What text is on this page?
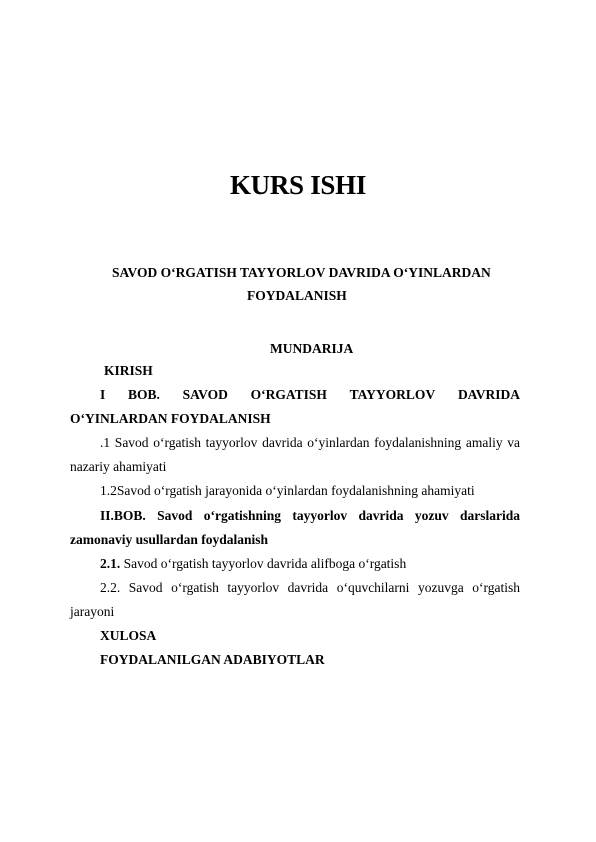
KURS ISHI
SAVOD O‘RGATISH TAYYORLOV DAVRIDA O‘YINLARDAN
FOYDALANISH
MUNDARIJA
KIRISH
I BOB. SAVOD O‘RGATISH TAYYORLOV DAVRIDA
O‘YINLARDAN FOYDALANISH
.1 Savod o‘rgatish tayyorlov davrida o‘yinlardan foydalanishning amaliy va
nazariy ahamiyati
1.2Savod o‘rgatish jarayonida o‘yinlardan foydalanishning ahamiyati
II.BOB. Savod o‘rgatishning tayyorlov davrida yozuv darslarida
zamonaviy usullardan foydalanish
2.1. Savod o‘rgatish tayyorlov davrida alifboga o‘rgatish
2.2. Savod o‘rgatish tayyorlov davrida o‘quvchilarni yozuvga o‘rgatish
jarayoni
XULOSA
FOYDALANILGAN ADABIYOTLAR
